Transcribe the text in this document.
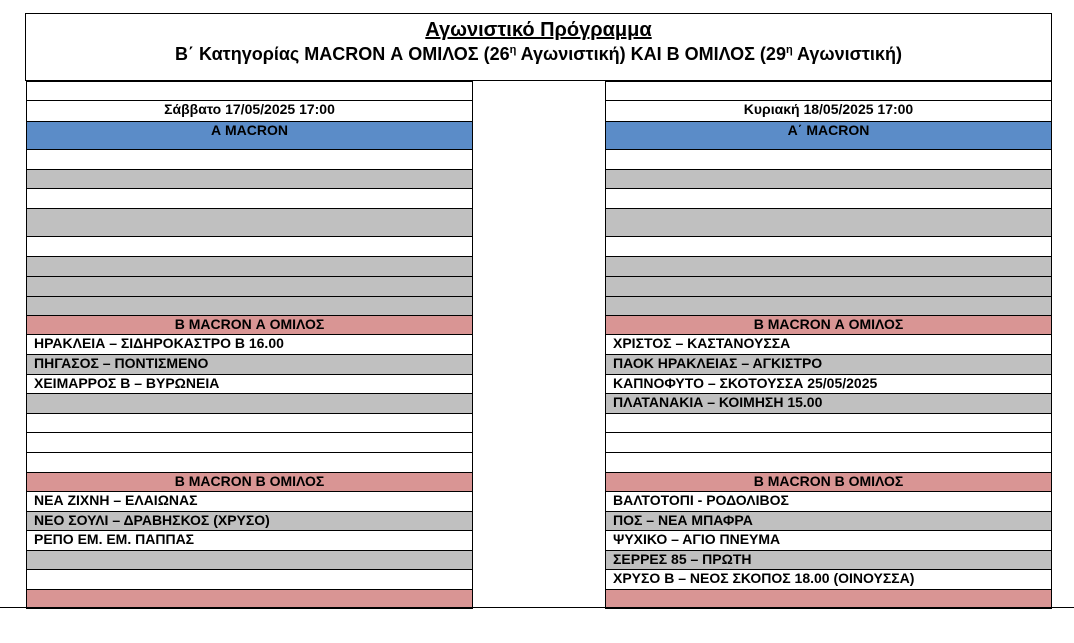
Αγωνιστικό Πρόγραμμα
Β΄ Κατηγορίας MACRON Α ΟΜΙΛΟΣ ($26^\eta$ Αγωνιστική) ΚΑΙ Β ΟΜΙΛΟΣ ($29^\eta$ Αγωνιστική)
Σάββατο 17/05/2025 17:00
Α MACRON
Β MACRON Α ΟΜΙΛΟΣ
ΗΡΑΚΛΕΙΑ – ΣΙΔΗΡΟΚΑΣΤΡΟ Β 16.00
ΠΗΓΑΣΟΣ – ΠΟΝΤΙΣΜΕΝΟ
ΧΕΙΜΑΡΡΟΣ Β – ΒΥΡΩΝΕΙΑ
Β MACRON Β ΟΜΙΛΟΣ
ΝΕΑ ΖΙΧΝΗ – ΕΛΑΙΩΝΑΣ
ΝΕΟ ΣΟΥΛΙ – ΔΡΑΒΗΣΚΟΣ (ΧΡΥΣΟ)
ΡΕΠΟ ΕΜ. ΕΜ. ΠΑΠΠΑΣ
Κυριακή 18/05/2025 17:00
Α΄ MACRON
Β MACRON Α ΟΜΙΛΟΣ
ΧΡΙΣΤΟΣ – ΚΑΣΤΑΝΟΥΣΣΑ
ΠΑΟΚ ΗΡΑΚΛΕΙΑΣ – ΑΓΚΙΣΤΡΟ
ΚΑΠΝΟΦΥΤΟ – ΣΚΟΤΟΥΣΣΑ 25/05/2025
ΠΛΑΤΑΝΑΚΙΑ – ΚΟΙΜΗΣΗ 15.00
Β MACRON Β ΟΜΙΛΟΣ
ΒΑΛΤΟΤΟΠΙ - ΡΟΔΟΛΙΒΟΣ
ΠΟΣ – ΝΕΑ ΜΠΑΦΡΑ
ΨΥΧΙΚΟ – ΑΓΙΟ ΠΝΕΥΜΑ
ΣΕΡΡΕΣ 85 – ΠΡΩΤΗ
ΧΡΥΣΟ Β – ΝΕΟΣ ΣΚΟΠΟΣ 18.00 (ΟΙΝΟΥΣΣΑ)
